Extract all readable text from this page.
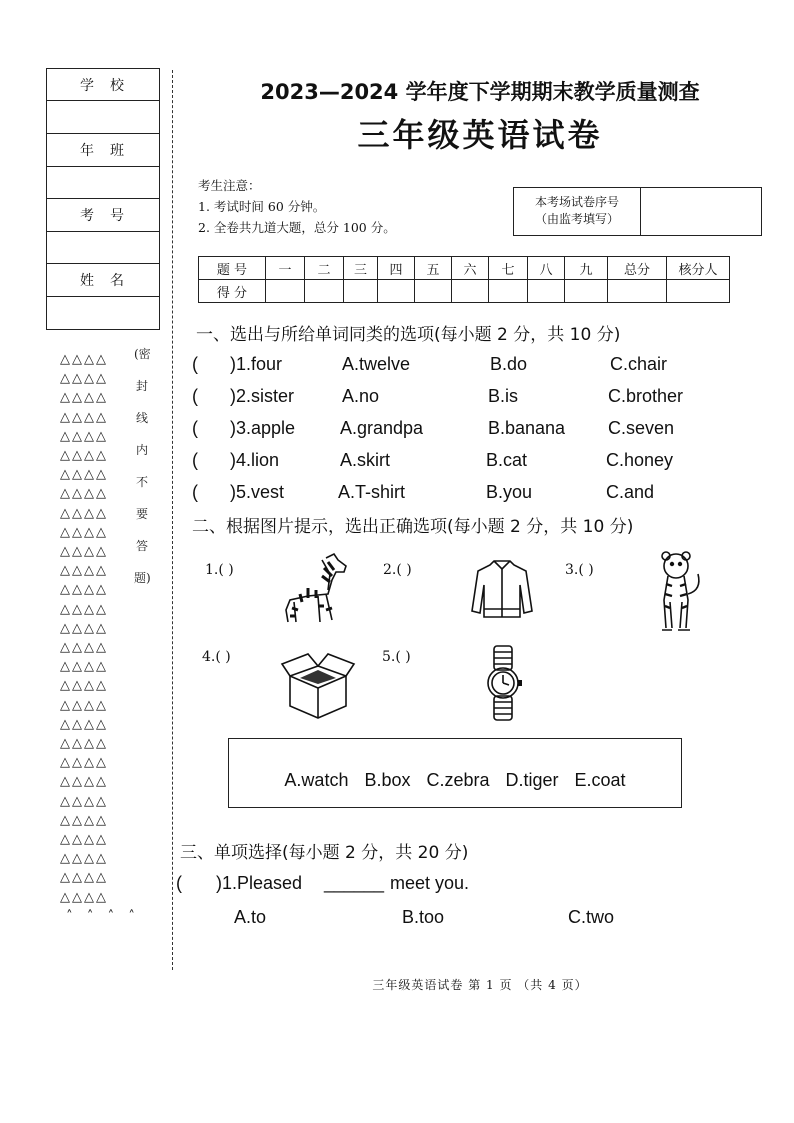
学校
年班
考号
姓名
△△△△
△△△△
△△△△
△△△△
△△△△
△△△△
△△△△
△△△△
△△△△
△△△△
△△△△
△△△△
△△△△
△△△△
△△△△
△△△△
△△△△
△△△△
△△△△
△△△△
△△△△
△△△△
△△△△
△△△△
△△△△
△△△△
△△△△
△△△△
△△△△
˄  ˄  ˄  ˄
(密
封
线
内
不
要
答
题)
2023—2024 学年度下学期期末教学质量测查
三年级英语试卷
考生注意：
1. 考试时间 60 分钟。
2. 全卷共九道大题，总分 100 分。
本考场试卷序号
（由监考填写）
题 号	一	二	三	四	五	六	七	八	九	总分	核分人
得 分											
一、选出与所给单词同类的选项(每小题 2 分，共 10 分)
( ) 1.four	A.twelve	B.do	C.chair
( ) 2.sister	A.no	B.is	C.brother
( ) 3.apple A.grandpa	B.banana C.seven
( ) 4.lion	A.skirt	B.cat	C.honey
( ) 5.vest	A.T-shirt	B.you	C.and
二、根据图片提示，选出正确选项(每小题 2 分，共 10 分)
1.( )	2.( )	3.( )
4.( )	5.( )
A.watch B.box C.zebra D.tiger E.coat
三、单项选择(每小题 2 分，共 20 分)
( ) 1.Pleased ______ meet you.
A.to	B.too	C.two
三年级英语试卷 第 1 页 （共 4 页）
